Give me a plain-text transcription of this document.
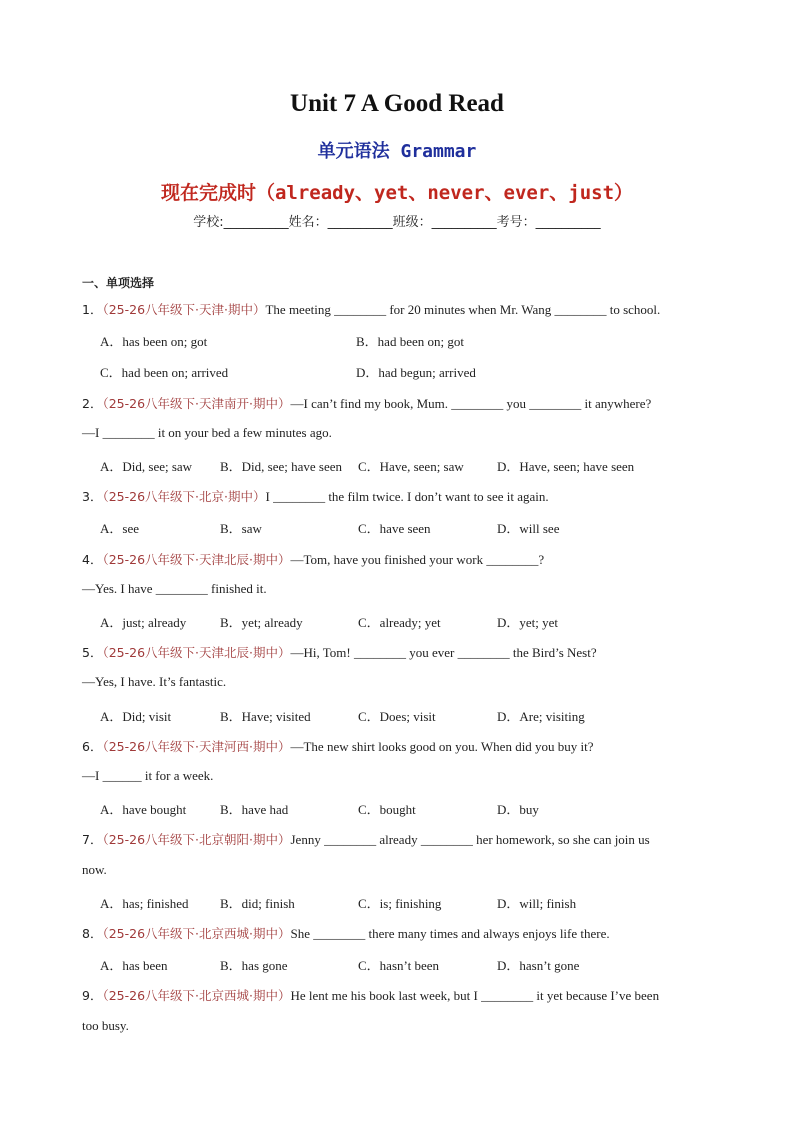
Unit 7 A Good Read
单元语法 Grammar
现在完成时（already、yet、never、ever、just）
学校:__________姓名：__________班级：__________考号：__________
一、单项选择
1．（25-26八年级下·天津·期中）The meeting ________ for 20 minutes when Mr. Wang ________ to school.
A．has been on; got	B．had been on; got
C．had been on; arrived	D．had begun; arrived
2．（25-26八年级下·天津南开·期中）—I can’t find my book, Mum. ________ you ________ it anywhere?
—I ________ it on your bed a few minutes ago.
A．Did, see; saw B．Did, see; have seen C．Have, seen; saw	D．Have, seen; have seen
3．（25-26八年级下·北京·期中）I ________ the film twice. I don’t want to see it again.
A．see	B．saw	C．have seen	D．will see
4．（25-26八年级下·天津北辰·期中）—Tom, have you finished your work ________?
—Yes. I have ________ finished it.
A．just; already	B．yet; already	C．already; yet	D．yet; yet
5．（25-26八年级下·天津北辰·期中）—Hi, Tom! ________ you ever ________ the Bird’s Nest?
—Yes, I have. It’s fantastic.
A．Did; visit	B．Have; visited	C．Does; visit	D．Are; visiting
6．（25-26八年级下·天津河西·期中）—The new shirt looks good on you. When did you buy it?
—I ______ it for a week.
A．have bought	B．have had	C．bought	D．buy
7．（25-26八年级下·北京朝阳·期中）Jenny ________ already ________ her homework, so she can join us
now.
A．has; finished B．did; finish	C．is; finishing	D．will; finish
8．（25-26八年级下·北京西城·期中）She ________ there many times and always enjoys life there.
A．has been	B．has gone	C．hasn’t been	D．hasn’t gone
9．（25-26八年级下·北京西城·期中）He lent me his book last week, but I ________ it yet because I’ve been
too busy.
